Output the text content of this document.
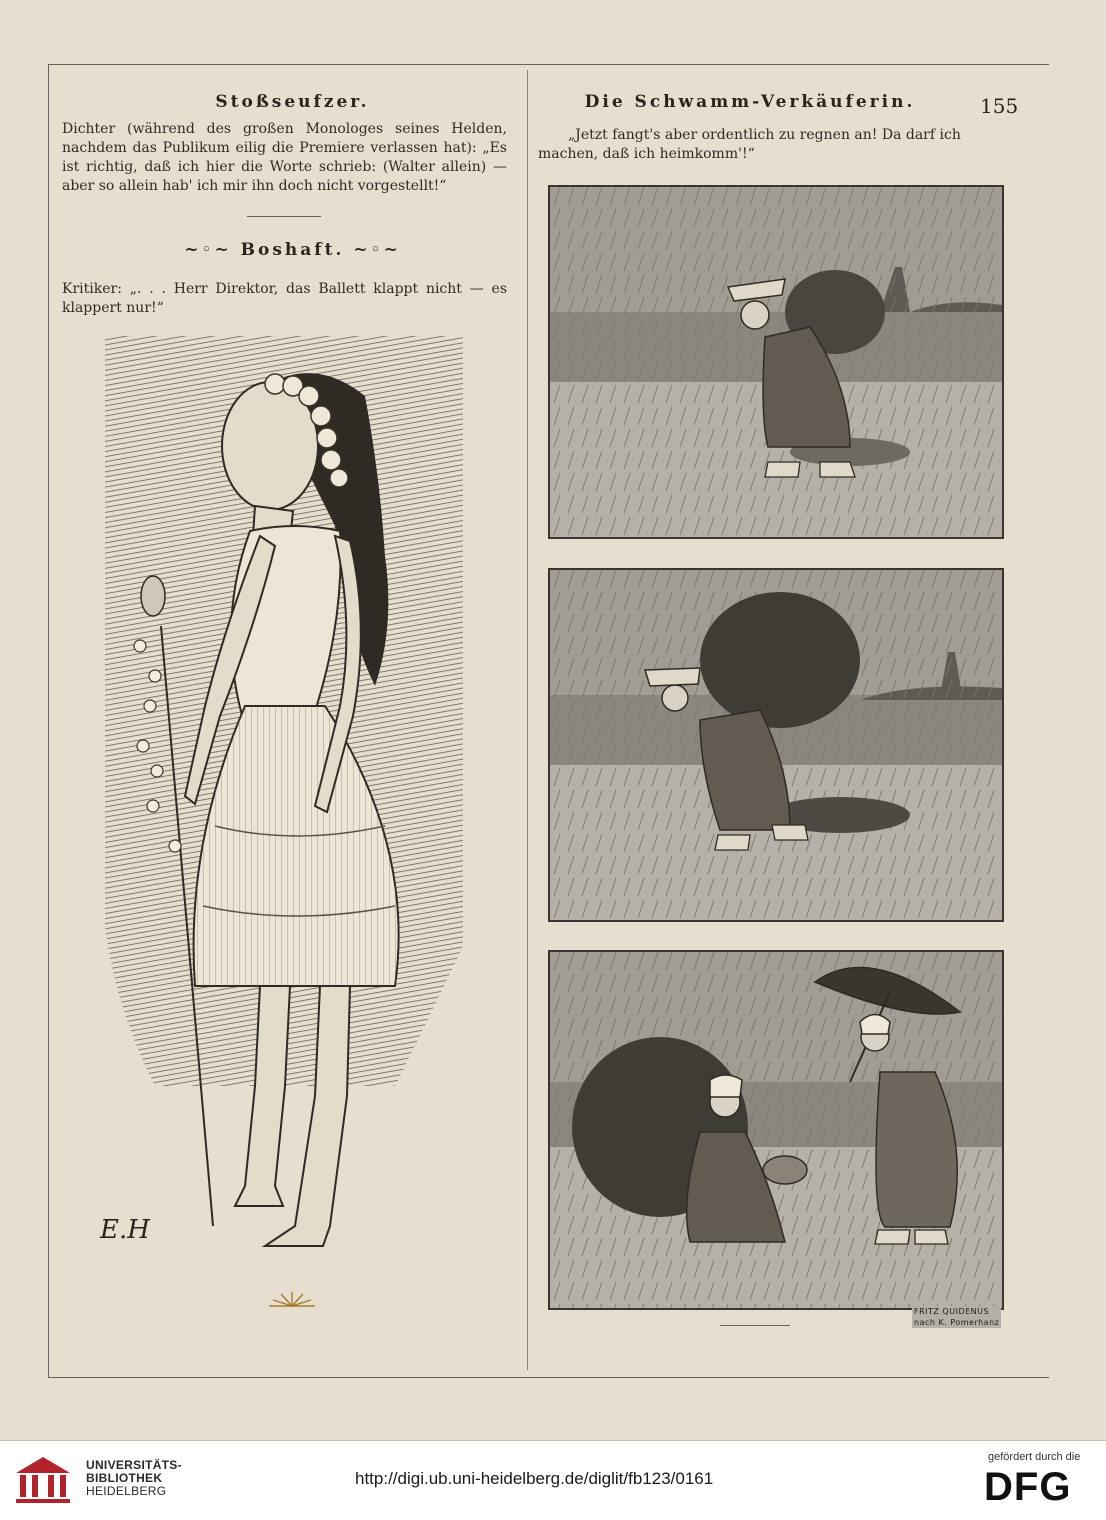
Stoßseufzer.
Dichter (während des großen Monologes seines Helden, nachdem das Publikum eilig die Premiere verlassen hat): „Es ist richtig, daß ich hier die Worte schrieb: (Walter allein) — aber so allein hab' ich mir ihn doch nicht vorgestellt!“
~◦~ Boshaft. ~◦~
Kritiker: „. . . Herr Direktor, das Ballett klappt nicht — es klappert nur!“
E.H
Die Schwamm-Verkäuferin.	155
„Jetzt fangt's aber ordentlich zu regnen an! Da darf ich machen, daß ich heimkomm'!“
FRITZ QUIDENUS
nach K. Pomerhanz
UNIVERSITÄTS-
BIBLIOTHEK
HEIDELBERG
http://digi.ub.uni-heidelberg.de/diglit/fb123/0161
gefördert durch die
DFG
